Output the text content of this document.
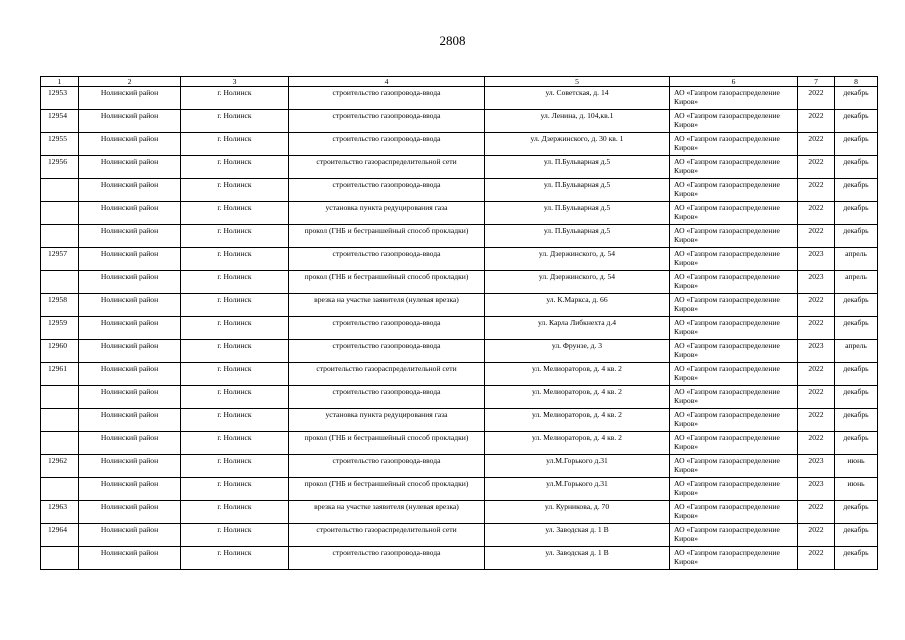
2808
1	2	3	4	5	6	7	8
12953	Нолинский район	г. Нолинск	строительство газопровода-ввода	ул. Советская, д. 14	АО «Газпром газораспределение Киров»	2022	декабрь
12954	Нолинский район	г. Нолинск	строительство газопровода-ввода	ул. Ленина, д. 104,кв.1	АО «Газпром газораспределение Киров»	2022	декабрь
12955	Нолинский район	г. Нолинск	строительство газопровода-ввода	ул. Дзержинского, д. 30 кв. 1	АО «Газпром газораспределение Киров»	2022	декабрь
12956	Нолинский район	г. Нолинск	строительство газораспределительной сети	ул. П.Бульварная д.5	АО «Газпром газораспределение Киров»	2022	декабрь
	Нолинский район	г. Нолинск	строительство газопровода-ввода	ул. П.Бульварная д.5	АО «Газпром газораспределение Киров»	2022	декабрь
	Нолинский район	г. Нолинск	установка пункта редуцирования газа	ул. П.Бульварная д.5	АО «Газпром газораспределение Киров»	2022	декабрь
	Нолинский район	г. Нолинск	прокол (ГНБ и бестраншейный способ прокладки)	ул. П.Бульварная д.5	АО «Газпром газораспределение Киров»	2022	декабрь
12957	Нолинский район	г. Нолинск	строительство газопровода-ввода	ул. Дзержинского, д. 54	АО «Газпром газораспределение Киров»	2023	апрель
	Нолинский район	г. Нолинск	прокол (ГНБ и бестраншейный способ прокладки)	ул. Дзержинского, д. 54	АО «Газпром газораспределение Киров»	2023	апрель
12958	Нолинский район	г. Нолинск	врезка на участке заявителя (нулевая врезка)	ул. К.Маркса, д. 66	АО «Газпром газораспределение Киров»	2022	декабрь
12959	Нолинский район	г. Нолинск	строительство газопровода-ввода	ул. Карла Либкнехта д.4	АО «Газпром газораспределение Киров»	2022	декабрь
12960	Нолинский район	г. Нолинск	строительство газопровода-ввода	ул. Фрунзе, д. 3	АО «Газпром газораспределение Киров»	2023	апрель
12961	Нолинский район	г. Нолинск	строительство газораспределительной сети	ул. Мелиораторов, д. 4 кв. 2	АО «Газпром газораспределение Киров»	2022	декабрь
	Нолинский район	г. Нолинск	строительство газопровода-ввода	ул. Мелиораторов, д. 4 кв. 2	АО «Газпром газораспределение Киров»	2022	декабрь
	Нолинский район	г. Нолинск	установка пункта редуцирования газа	ул. Мелиораторов, д. 4 кв. 2	АО «Газпром газораспределение Киров»	2022	декабрь
	Нолинский район	г. Нолинск	прокол (ГНБ и бестраншейный способ прокладки)	ул. Мелиораторов, д. 4 кв. 2	АО «Газпром газораспределение Киров»	2022	декабрь
12962	Нолинский район	г. Нолинск	строительство газопровода-ввода	ул.М.Горького д.31	АО «Газпром газораспределение Киров»	2023	июнь
	Нолинский район	г. Нолинск	прокол (ГНБ и бестраншейный способ прокладки)	ул.М.Горького д.31	АО «Газпром газораспределение Киров»	2023	июнь
12963	Нолинский район	г. Нолинск	врезка на участке заявителя (нулевая врезка)	ул. Курникова, д. 70	АО «Газпром газораспределение Киров»	2022	декабрь
12964	Нолинский район	г. Нолинск	строительство газораспределительной сети	ул. Заводская д. 1 В	АО «Газпром газораспределение Киров»	2022	декабрь
	Нолинский район	г. Нолинск	строительство газопровода-ввода	ул. Заводская д. 1 В	АО «Газпром газораспределение Киров»	2022	декабрь
